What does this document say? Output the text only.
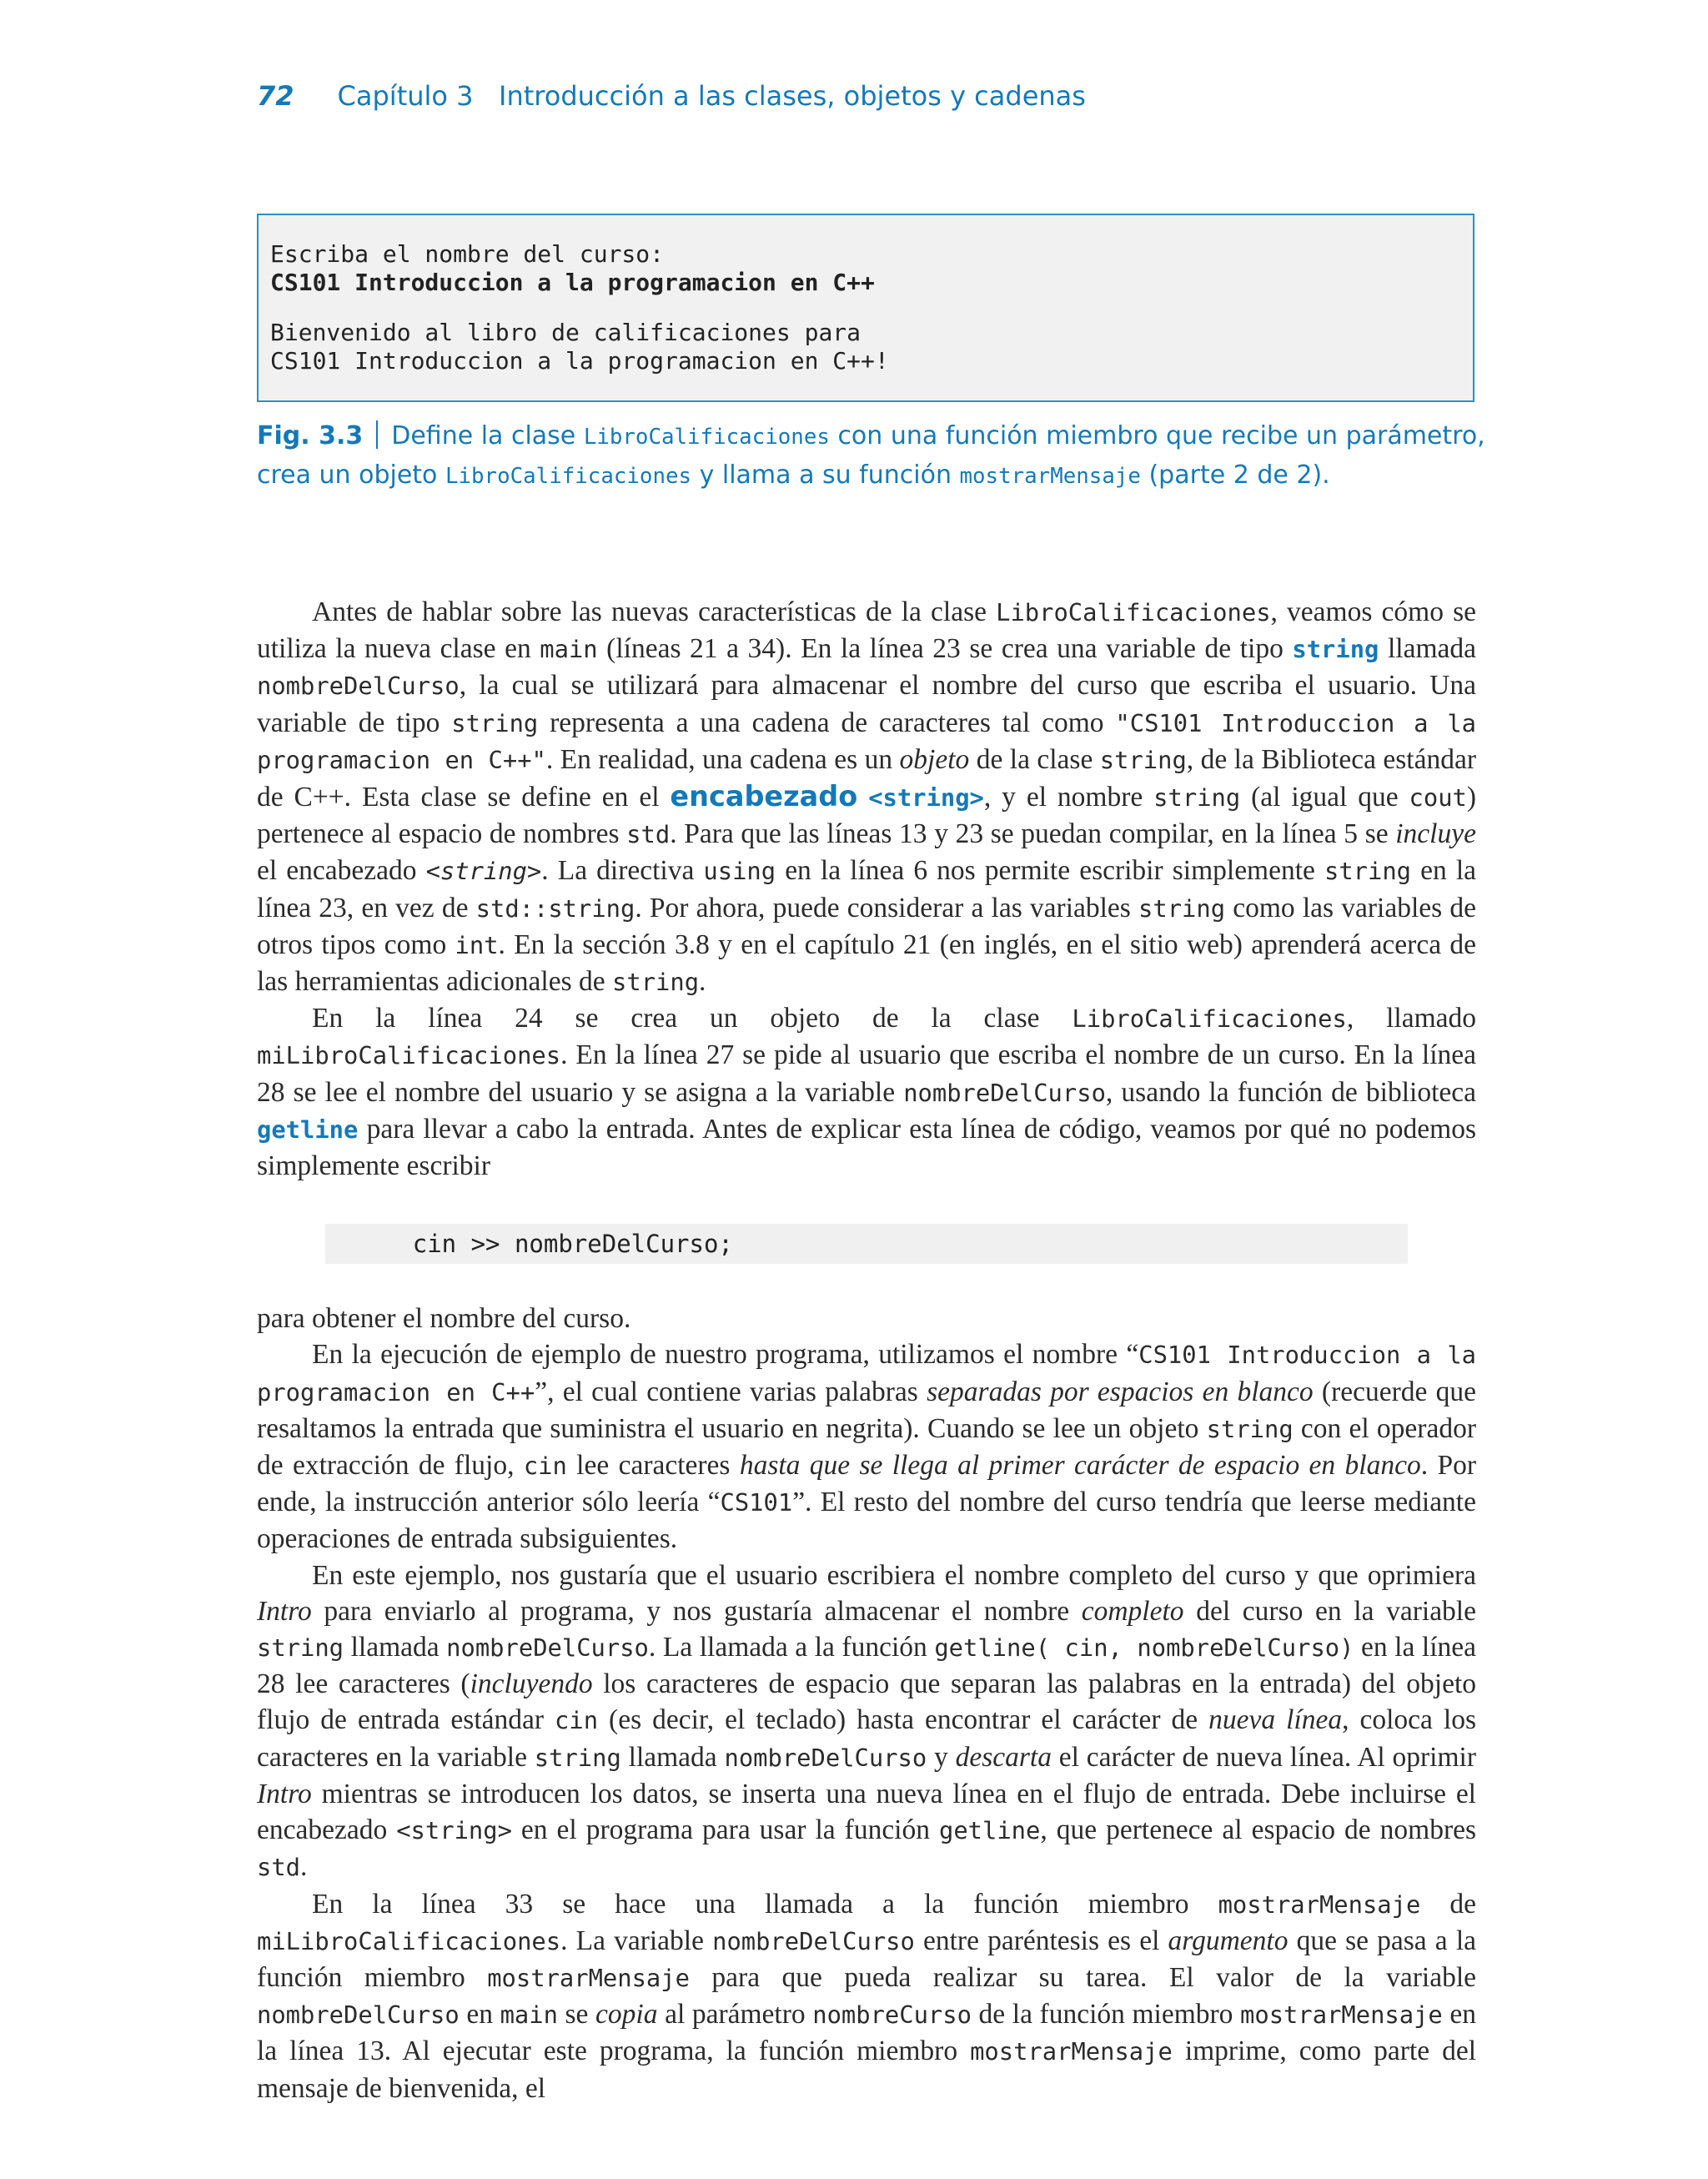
72 Capítulo 3 Introducción a las clases, objetos y cadenas
Escriba el nombre del curso:
CS101 Introduccion a la programacion en C++
Bienvenido al libro de calificaciones para
CS101 Introduccion a la programacion en C++!
Fig. 3.3 Define la clase LibroCalificaciones con una función miembro que recibe un parámetro, crea un objeto LibroCalificaciones y llama a su función mostrarMensaje (parte 2 de 2).

Antes de hablar sobre las nuevas características de la clase LibroCalificaciones, veamos cómo se utiliza la nueva clase en main (líneas 21 a 34). En la línea 23 se crea una variable de tipo string llamada nombreDelCurso, la cual se utilizará para almacenar el nombre del curso que escriba el usuario. Una variable de tipo string representa a una cadena de caracteres tal como "CS101 Introduccion a la programacion en C++". En realidad, una cadena es un objeto de la clase string, de la Biblioteca estándar de C++. Esta clase se define en el encabezado <string>, y el nombre string (al igual que cout) pertenece al espacio de nombres std. Para que las líneas 13 y 23 se puedan compilar, en la línea 5 se incluye el encabezado <string>. La directiva using en la línea 6 nos permite escribir simplemente string en la línea 23, en vez de std::string. Por ahora, puede considerar a las variables string como las variables de otros tipos como int. En la sección 3.8 y en el capítulo 21 (en inglés, en el sitio web) aprenderá acerca de las herramientas adicionales de string.

En la línea 24 se crea un objeto de la clase LibroCalificaciones, llamado miLibroCalificaciones. En la línea 27 se pide al usuario que escriba el nombre de un curso. En la línea 28 se lee el nombre del usuario y se asigna a la variable nombreDelCurso, usando la función de biblioteca getline para llevar a cabo la entrada. Antes de explicar esta línea de código, veamos por qué no podemos simplemente escribir

cin >> nombreDelCurso;

para obtener el nombre del curso.

En la ejecución de ejemplo de nuestro programa, utilizamos el nombre “CS101 Introduccion a la programacion en C++”, el cual contiene varias palabras separadas por espacios en blanco (recuerde que resaltamos la entrada que suministra el usuario en negrita). Cuando se lee un objeto string con el operador de extracción de flujo, cin lee caracteres hasta que se llega al primer carácter de espacio en blanco. Por ende, la instrucción anterior sólo leería “CS101”. El resto del nombre del curso tendría que leerse mediante operaciones de entrada subsiguientes.

En este ejemplo, nos gustaría que el usuario escribiera el nombre completo del curso y que oprimiera Intro para enviarlo al programa, y nos gustaría almacenar el nombre completo del curso en la variable string llamada nombreDelCurso. La llamada a la función getline( cin, nombreDelCurso) en la línea 28 lee caracteres (incluyendo los caracteres de espacio que separan las palabras en la entrada) del objeto flujo de entrada estándar cin (es decir, el teclado) hasta encontrar el carácter de nueva línea, coloca los caracteres en la variable string llamada nombreDelCurso y descarta el carácter de nueva línea. Al oprimir Intro mientras se introducen los datos, se inserta una nueva línea en el flujo de entrada. Debe incluirse el encabezado <string> en el programa para usar la función getline, que pertenece al espacio de nombres std.

En la línea 33 se hace una llamada a la función miembro mostrarMensaje de miLibroCalificaciones. La variable nombreDelCurso entre paréntesis es el argumento que se pasa a la función miembro mostrarMensaje para que pueda realizar su tarea. El valor de la variable nombreDelCurso en main se copia al parámetro nombreCurso de la función miembro mostrarMensaje en la línea 13. Al ejecutar este programa, la función miembro mostrarMensaje imprime, como parte del mensaje de bienvenida, el
